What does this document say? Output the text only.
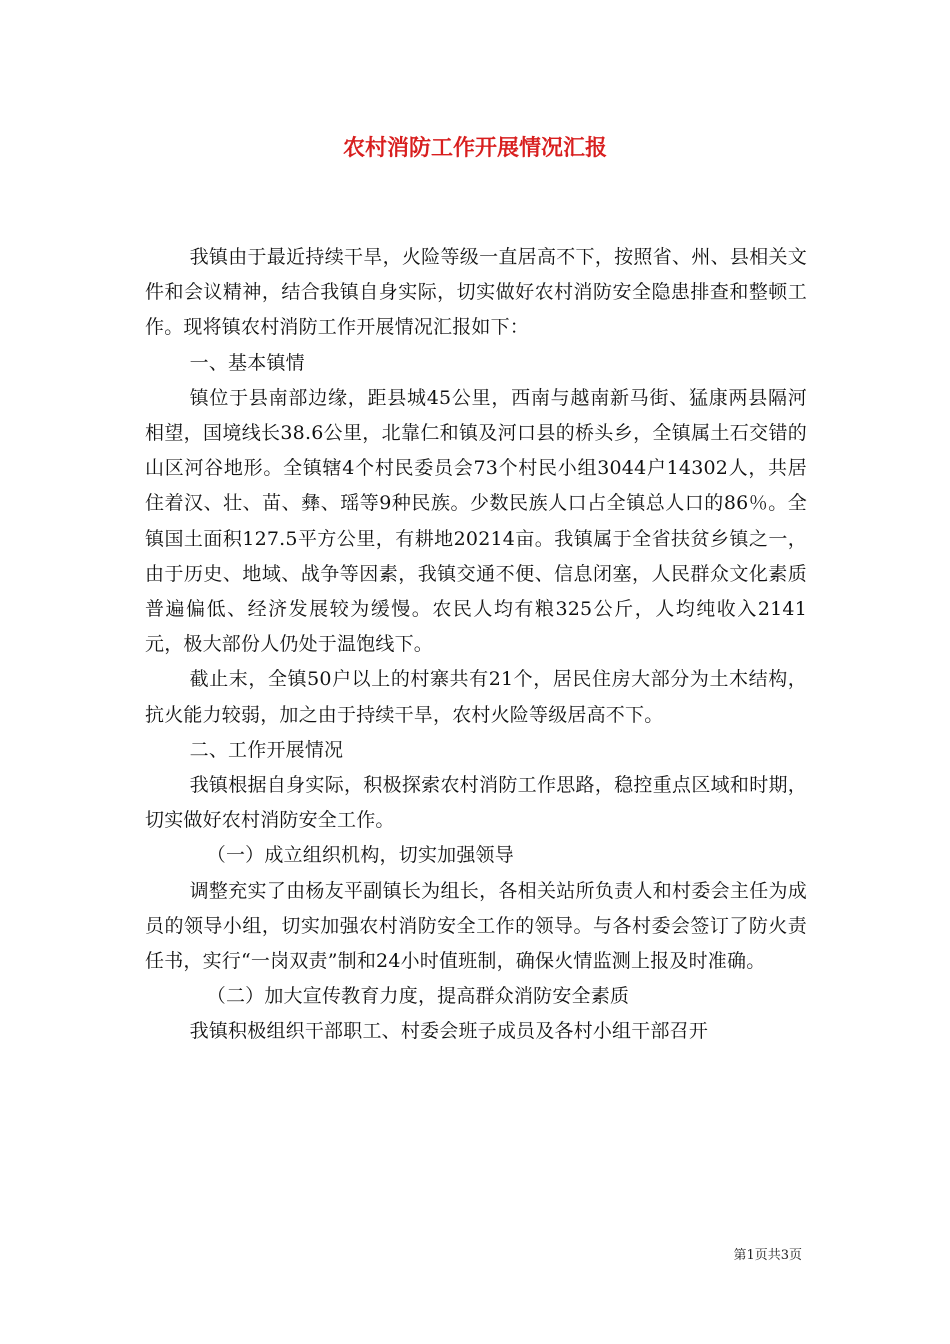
农村消防工作开展情况汇报

我镇由于最近持续干旱，火险等级一直居高不下，按照省、州、县相关文件和会议精神，结合我镇自身实际，切实做好农村消防安全隐患排查和整顿工作。现将镇农村消防工作开展情况汇报如下：

一、基本镇情

镇位于县南部边缘，距县城45公里，西南与越南新马街、猛康两县隔河相望，国境线长38.6公里，北靠仁和镇及河口县的桥头乡，全镇属土石交错的山区河谷地形。全镇辖4个村民委员会73个村民小组3044户14302人，共居住着汉、壮、苗、彝、瑶等9种民族。少数民族人口占全镇总人口的86％。全镇国土面积127.5平方公里，有耕地20214亩。我镇属于全省扶贫乡镇之一，由于历史、地域、战争等因素，我镇交通不便、信息闭塞，人民群众文化素质普遍偏低、经济发展较为缓慢。农民人均有粮325公斤，人均纯收入2141元，极大部份人仍处于温饱线下。

截止末，全镇50户以上的村寨共有21个，居民住房大部分为土木结构，抗火能力较弱，加之由于持续干旱，农村火险等级居高不下。

二、工作开展情况

我镇根据自身实际，积极探索农村消防工作思路，稳控重点区域和时期，切实做好农村消防安全工作。

（一）成立组织机构，切实加强领导

调整充实了由杨友平副镇长为组长，各相关站所负责人和村委会主任为成员的领导小组，切实加强农村消防安全工作的领导。与各村委会签订了防火责任书，实行“一岗双责”制和24小时值班制，确保火情监测上报及时准确。

（二）加大宣传教育力度，提高群众消防安全素质

我镇积极组织干部职工、村委会班子成员及各村小组干部召开

第1页共3页
